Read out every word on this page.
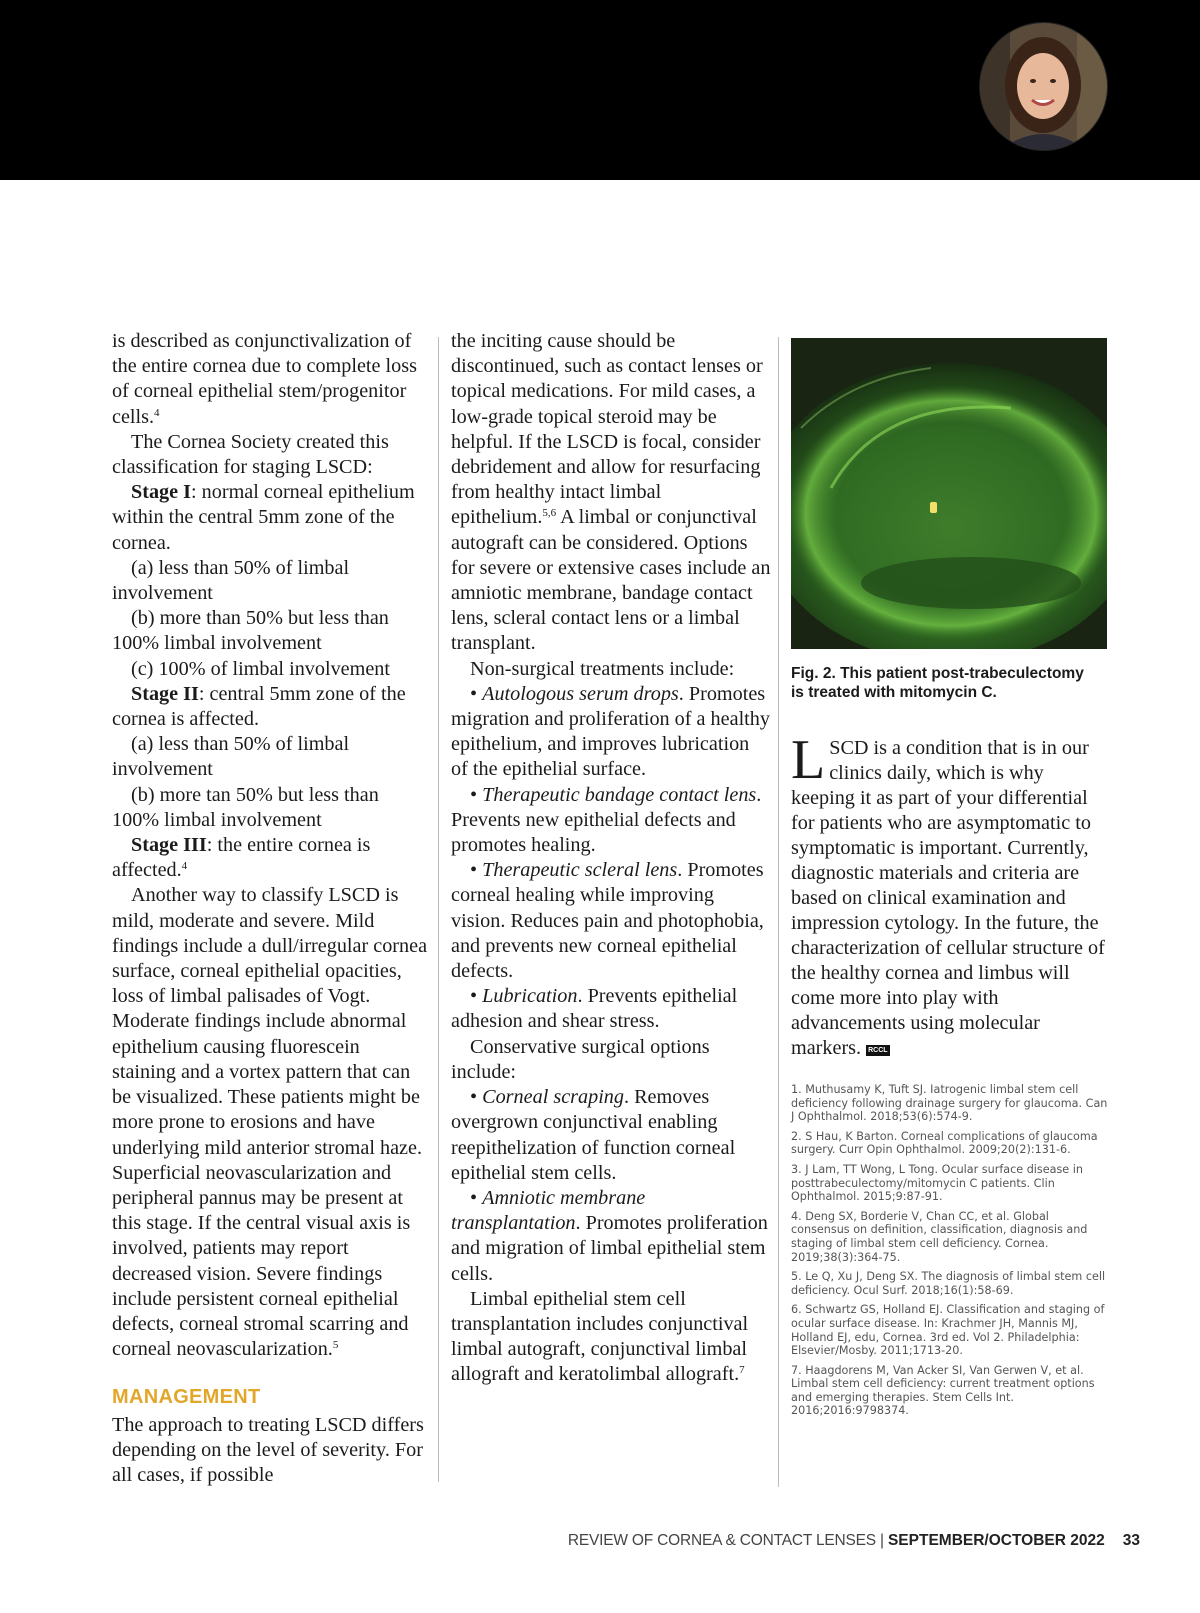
is described as conjunctivalization of the entire cornea due to complete loss of corneal epithelial stem/progenitor cells.$^4$

The Cornea Society created this classification for staging LSCD:

Stage I: normal corneal epithelium within the central 5mm zone of the cornea.

(a) less than 50% of limbal involvement

(b) more than 50% but less than 100% limbal involvement

(c) 100% of limbal involvement

Stage II: central 5mm zone of the cornea is affected.

(a) less than 50% of limbal involvement

(b) more tan 50% but less than 100% limbal involvement

Stage III: the entire cornea is affected.$^4$

Another way to classify LSCD is mild, moderate and severe. Mild findings include a dull/irregular cornea surface, corneal epithelial opacities, loss of limbal palisades of Vogt. Moderate findings include abnormal epithelium causing fluorescein staining and a vortex pattern that can be visualized. These patients might be more prone to erosions and have underlying mild anterior stromal haze. Superficial neovascularization and peripheral pannus may be present at this stage. If the central visual axis is involved, patients may report decreased vision. Severe findings include persistent corneal epithelial defects, corneal stromal scarring and corneal neovascularization.$^5$

MANAGEMENT

The approach to treating LSCD differs depending on the level of severity. For all cases, if possible

the inciting cause should be discontinued, such as contact lenses or topical medications. For mild cases, a low-grade topical steroid may be helpful. If the LSCD is focal, consider debridement and allow for resurfacing from healthy intact limbal epithelium.$^{5,6}$ A limbal or conjunctival autograft can be considered. Options for severe or extensive cases include an amniotic membrane, bandage contact lens, scleral contact lens or a limbal transplant.

Non-surgical treatments include:

• Autologous serum drops. Promotes migration and proliferation of a healthy epithelium, and improves lubrication of the epithelial surface.

• Therapeutic bandage contact lens. Prevents new epithelial defects and promotes healing.

• Therapeutic scleral lens. Promotes corneal healing while improving vision. Reduces pain and photophobia, and prevents new corneal epithelial defects.

• Lubrication. Prevents epithelial adhesion and shear stress.

Conservative surgical options include:

• Corneal scraping. Removes overgrown conjunctival enabling reepithelization of function corneal epithelial stem cells.

• Amniotic membrane transplantation. Promotes proliferation and migration of limbal epithelial stem cells.

Limbal epithelial stem cell transplantation includes conjunctival limbal autograft, conjunctival limbal allograft and keratolimbal allograft.$^7$

Fig. 2. This patient post-trabeculectomy is treated with mitomycin C.
LSCD is a condition that is in our clinics daily, which is why keeping it as part of your differential for patients who are asymptomatic to symptomatic is important. Currently, diagnostic materials and criteria are based on clinical examination and impression cytology. In the future, the characterization of cellular structure of the healthy cornea and limbus will come more into play with advancements using molecular markers. RCCL
1. Muthusamy K, Tuft SJ. Iatrogenic limbal stem cell deficiency following drainage surgery for glaucoma. Can J Ophthalmol. 2018;53(6):574-9.
2. S Hau, K Barton. Corneal complications of glaucoma surgery. Curr Opin Ophthalmol. 2009;20(2):131-6.
3. J Lam, TT Wong, L Tong. Ocular surface disease in posttrabeculectomy/mitomycin C patients. Clin Ophthalmol. 2015;9:87-91.
4. Deng SX, Borderie V, Chan CC, et al. Global consensus on definition, classification, diagnosis and staging of limbal stem cell deficiency. Cornea. 2019;38(3):364-75.
5. Le Q, Xu J, Deng SX. The diagnosis of limbal stem cell deficiency. Ocul Surf. 2018;16(1):58-69.
6. Schwartz GS, Holland EJ. Classification and staging of ocular surface disease. In: Krachmer JH, Mannis MJ, Holland EJ, edu, Cornea. 3rd ed. Vol 2. Philadelphia: Elsevier/Mosby. 2011;1713-20.
7. Haagdorens M, Van Acker SI, Van Gerwen V, et al. Limbal stem cell deficiency: current treatment options and emerging therapies. Stem Cells Int. 2016;2016:9798374.
REVIEW OF CORNEA & CONTACT LENSES | SEPTEMBER/OCTOBER 2022 33
